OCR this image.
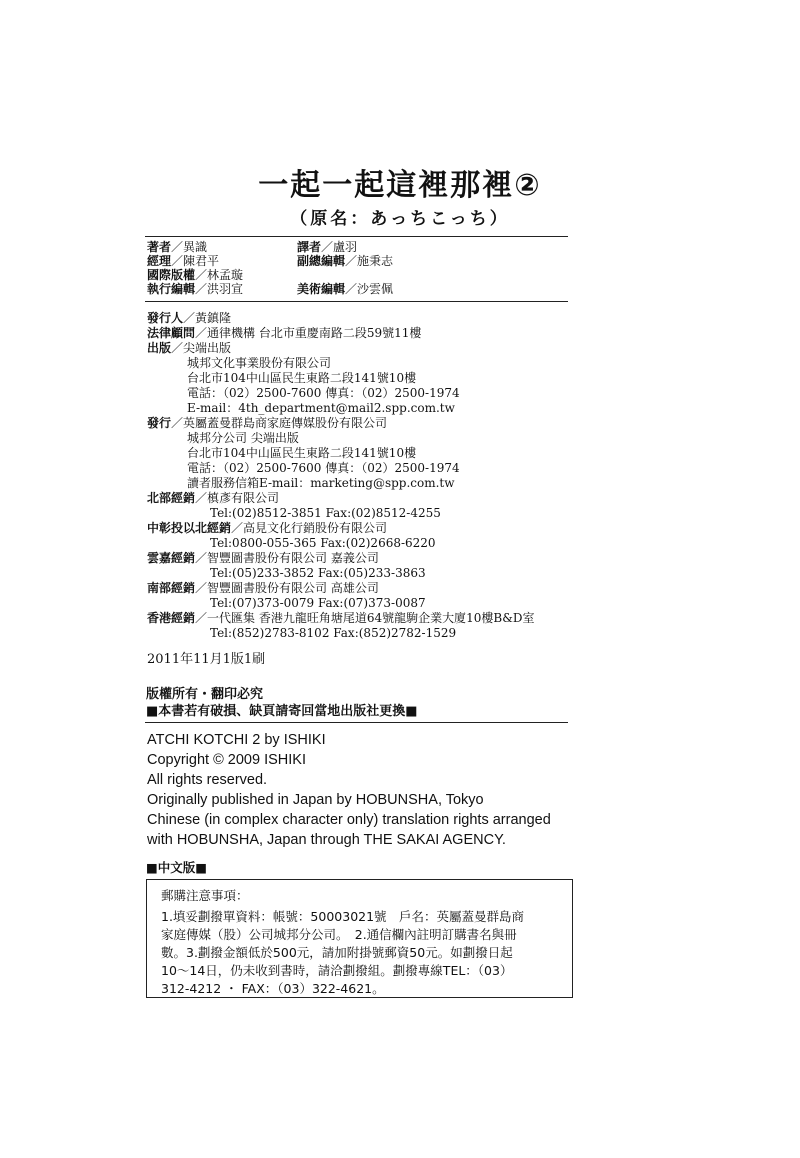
一起一起這裡那裡②
（原名：あっちこっち）
著者／異識	譯者／盧羽
經理／陳君平	副總編輯／施秉志
國際版權／林孟璇
執行編輯／洪羽宣	美術編輯／沙雲佩
發行人／黃鎮隆
法律顧問／通律機構 台北市重慶南路二段59號11樓
出版／尖端出版
城邦文化事業股份有限公司
台北市104中山區民生東路二段141號10樓
電話：（02）2500-7600 傳真：（02）2500-1974
E-mail：4th_department@mail2.spp.com.tw
發行／英屬蓋曼群島商家庭傳媒股份有限公司
城邦分公司 尖端出版
台北市104中山區民生東路二段141號10樓
電話：（02）2500-7600 傳真：（02）2500-1974
讀者服務信箱E-mail：marketing@spp.com.tw
北部經銷／槙彥有限公司
Tel:(02)8512-3851 Fax:(02)8512-4255
中彰投以北經銷／高見文化行銷股份有限公司
Tel:0800-055-365 Fax:(02)2668-6220
雲嘉經銷／智豐圖書股份有限公司 嘉義公司
Tel:(05)233-3852 Fax:(05)233-3863
南部經銷／智豐圖書股份有限公司 高雄公司
Tel:(07)373-0079 Fax:(07)373-0087
香港經銷／一代匯集 香港九龍旺角塘尾道64號龍駒企業大廈10樓B&D室
Tel:(852)2783-8102 Fax:(852)2782-1529
2011年11月1版1刷
版權所有・翻印必究
■本書若有破損、缺頁請寄回當地出版社更換■
ATCHI KOTCHI 2 by ISHIKI
Copyright © 2009 ISHIKI
All rights reserved.
Originally published in Japan by HOBUNSHA, Tokyo
Chinese (in complex character only) translation rights arranged
with HOBUNSHA, Japan through THE SAKAI AGENCY.
■中文版■
郵購注意事項：
1.填妥劃撥單資料：帳號：50003021號　戶名：英屬蓋曼群島商
家庭傳媒（股）公司城邦分公司。　2.通信欄內註明訂購書名與冊
數。3.劃撥金額低於500元，請加附掛號郵資50元。如劃撥日起
10～14日，仍未收到書時，請洽劃撥組。劃撥專線TEL：（03）
312-4212 ・ FAX：（03）322-4621。
